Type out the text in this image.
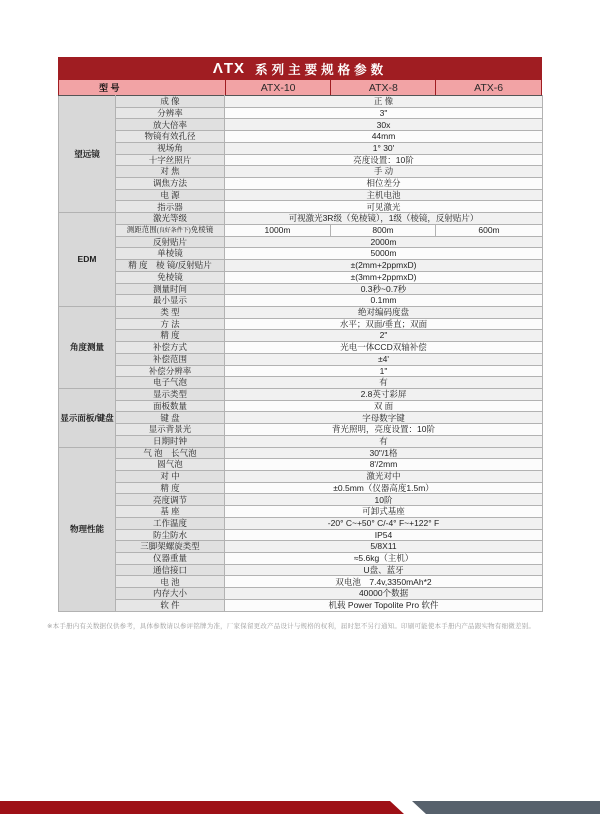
ΛTX 系列主要规格参数
型 号	ATX-10	ATX-8	ATX-6
望远镜	成 像	正 像		
	分辨率	3"		
	放大倍率	30x		
	物镜有效孔径	44mm		
	视场角	1° 30'		
	十字丝照片	亮度设置：10阶		
	对 焦	手 动		
	调焦方法	相位差分		
	电 源	主机电池		
	指示器	可见激光		
EDM	激光等级	可视激光3R级（免棱镜），1级（棱镜，反射贴片）		
	测距范围(良好条件下)免棱镜	1000m	800m	600m
	反射贴片	2000m		
	单棱镜	5000m		
	精 度　棱 镜/反射贴片	±(2mm+2ppmxD)		
	免棱镜	±(3mm+2ppmxD)		
	测量时间	0.3秒~0.7秒		
	最小显示	0.1mm		
角度测量	类 型	绝对编码度盘		
	方 法	水平；双面/垂直；双面		
	精 度	2"		
	补偿方式	光电一体CCD双轴补偿		
	补偿范围	±4'		
	补偿分辨率	1"		
	电子气泡	有		
显示面板/键盘	显示类型	2.8英寸彩屏		
	面板数量	双 面		
	键 盘	字母数字键		
	显示背景光	背光照明，亮度设置：10阶		
	日期时钟	有		
物理性能	气 泡　长气泡	30"/1格		
	圆气泡	8'/2mm		
	对 中	激光对中		
	精 度	±0.5mm（仪器高度1.5m）		
	亮度调节	10阶		
	基 座	可卸式基座		
	工作温度	-20° C~+50° C/-4° F~+122° F		
	防尘防水	IP54		
	三脚架螺旋类型	5/8X11		
	仪器重量	≈5.6kg（主机）		
	通信接口	U盘、蓝牙		
	电 池	双电池　7.4v,3350mAh*2		
	内存大小	40000个数据		
	软 件	机载 Power Topolite Pro 软件		
※本手册内有关数据仅供参考，具体参数请以参评铭牌为准，厂家保留更改产品设计与规格的权利，届时恕不另行通知。印刷可能使本手册内产品跟实物有细微差别。
